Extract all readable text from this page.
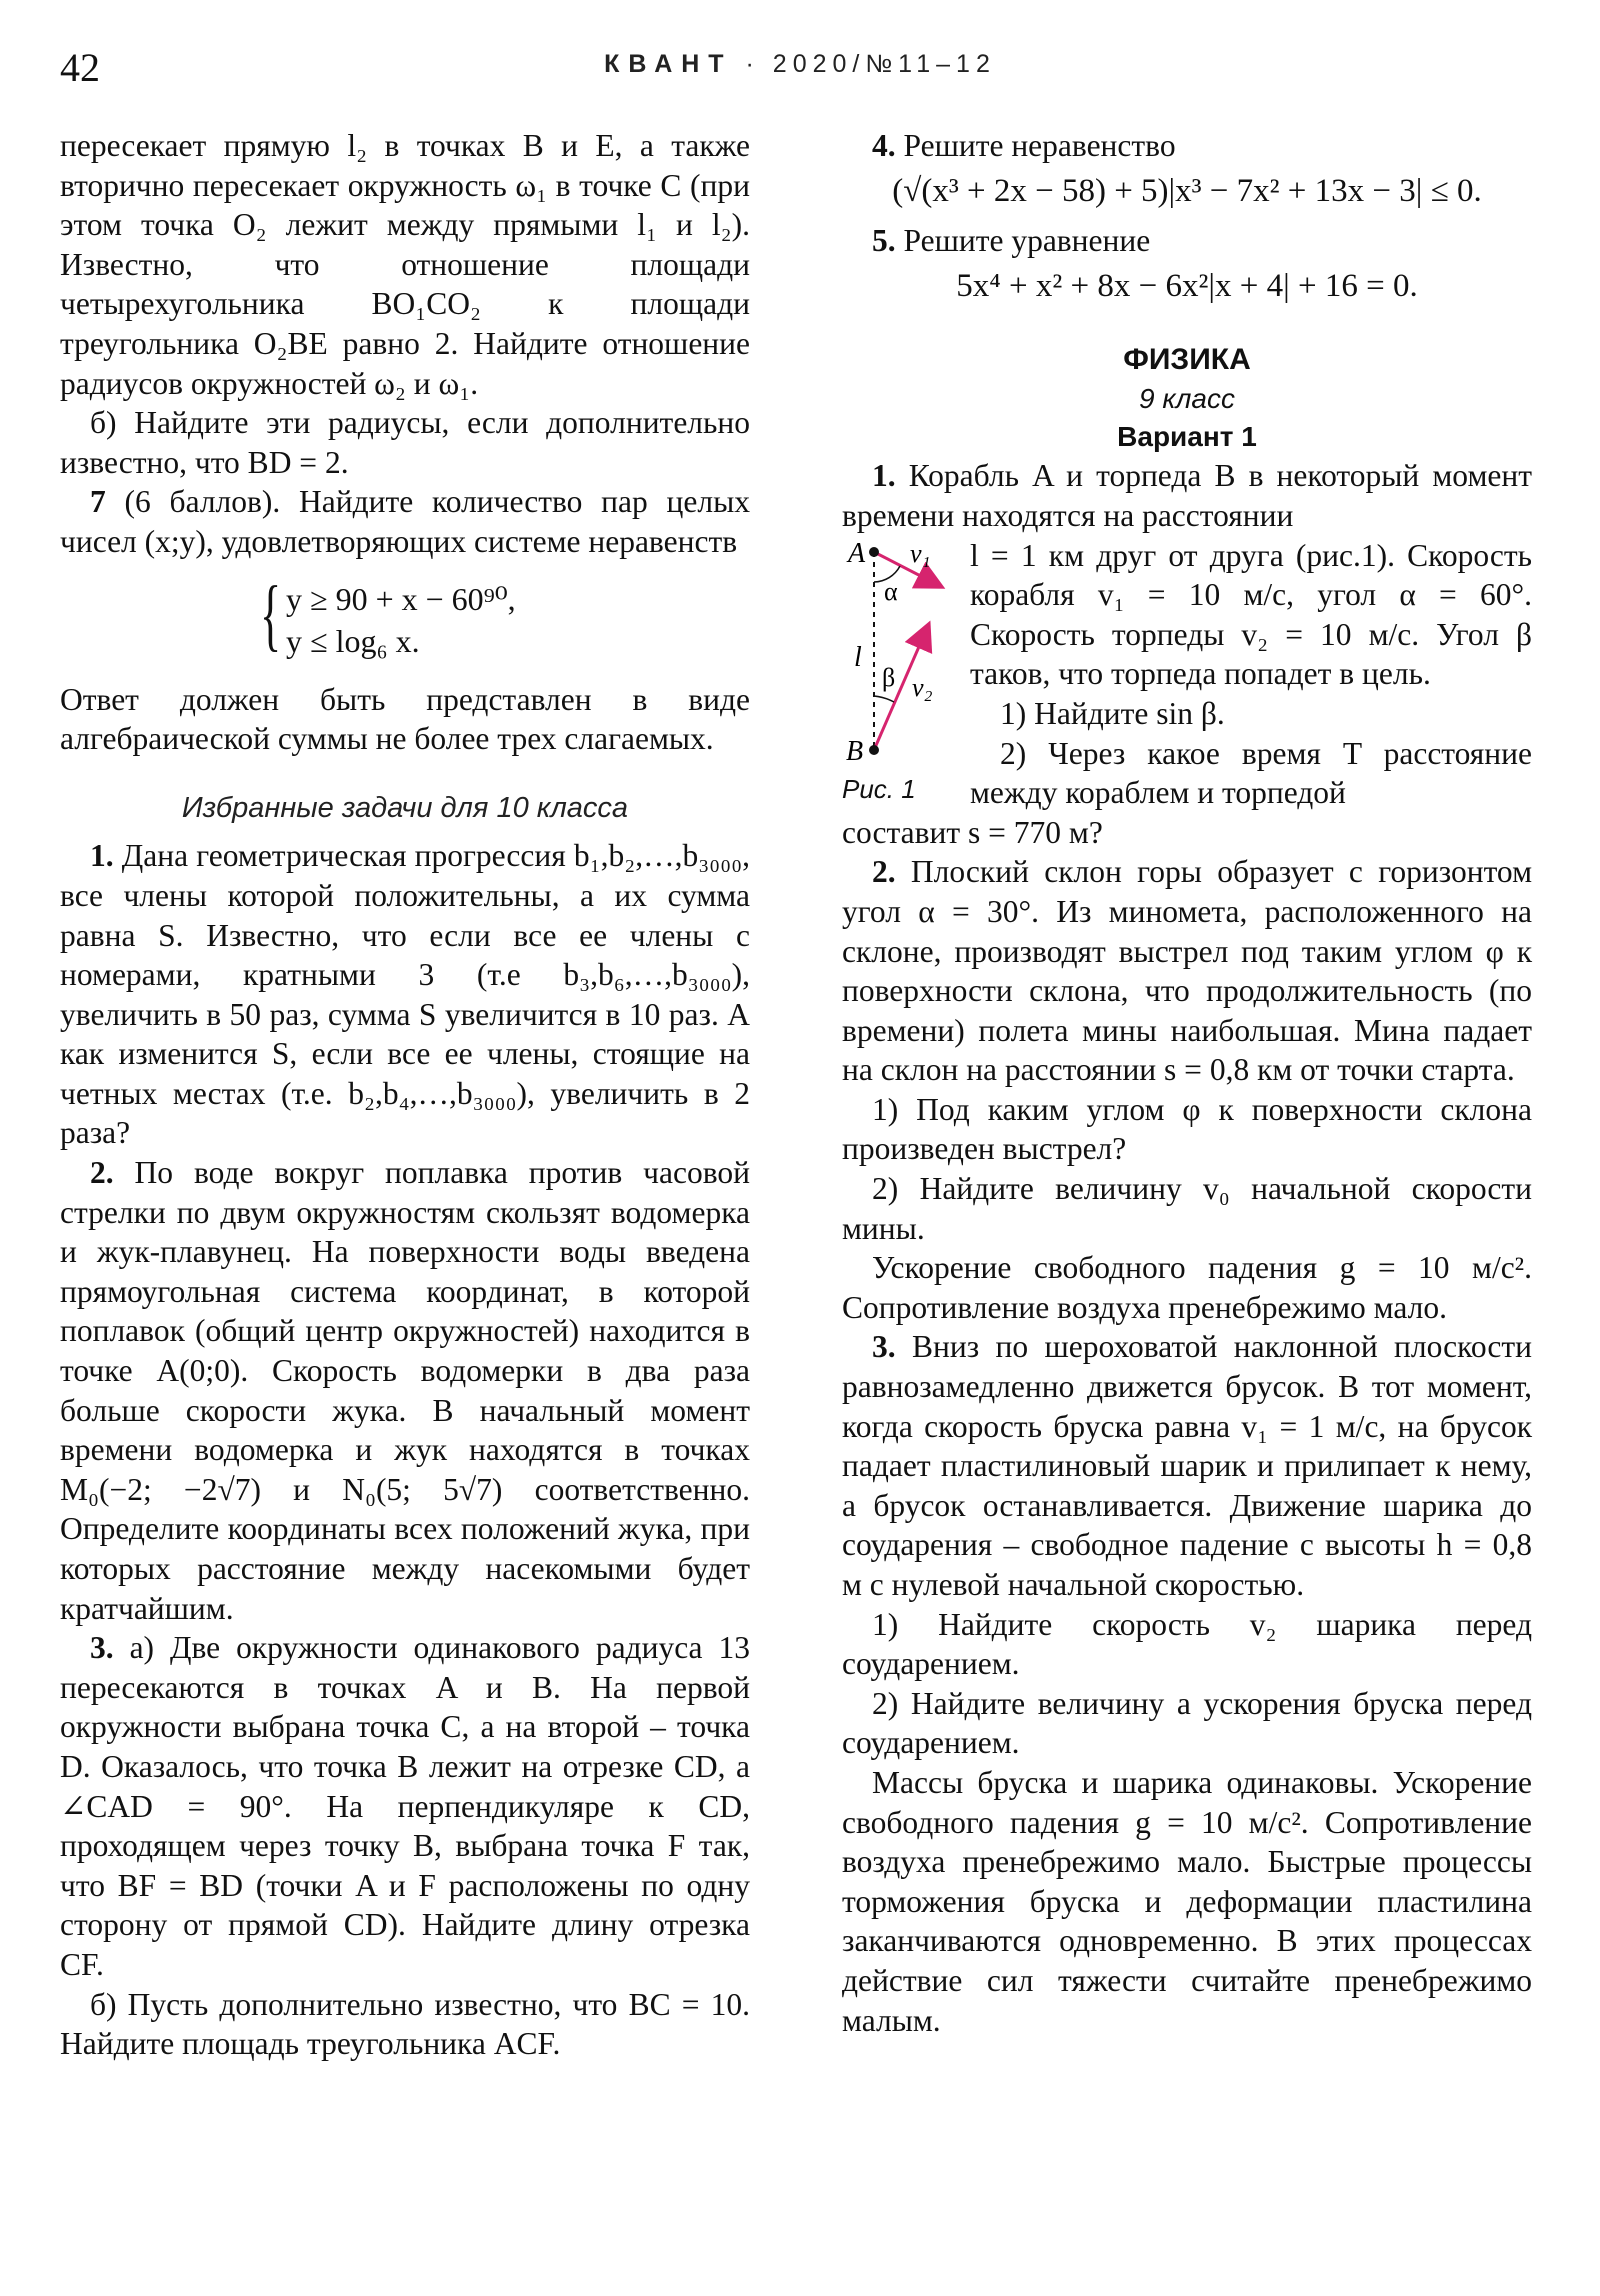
42	КВАНТ · 2020/№11–12

пересекает прямую l₂ в точках B и E, а также вторично пересекает окружность ω₁ в точке C (при этом точка O₂ лежит между прямыми l₁ и l₂). Известно, что отношение площади четырехугольника BO₁CO₂ к площади треугольника O₂BE равно 2. Найдите отношение радиусов окружностей ω₂ и ω₁.

б) Найдите эти радиусы, если дополнительно известно, что BD = 2.

7 (6 баллов). Найдите количество пар целых чисел (x;y), удовлетворяющих системе неравенств

{ y ≥ 90 + x − 60⁹⁰,
y ≤ log₆ x.

Ответ должен быть представлен в виде алгебраической суммы не более трех слагаемых.

Избранные задачи для 10 класса

1. Дана геометрическая прогрессия b₁,b₂,…,b₃₀₀₀, все члены которой положительны, а их сумма равна S. Известно, что если все ее члены с номерами, кратными 3 (т.е b₃,b₆,…,b₃₀₀₀), увеличить в 50 раз, сумма S увеличится в 10 раз. А как изменится S, если все ее члены, стоящие на четных местах (т.е. b₂,b₄,…,b₃₀₀₀), увеличить в 2 раза?

2. По воде вокруг поплавка против часовой стрелки по двум окружностям скользят водомерка и жук-плавунец. На поверхности воды введена прямоугольная система координат, в которой поплавок (общий центр окружностей) находится в точке A(0;0). Скорость водомерки в два раза больше скорости жука. В начальный момент времени водомерка и жук находятся в точках M₀(−2; −2√7) и N₀(5; 5√7) соответственно. Определите координаты всех положений жука, при которых расстояние между насекомыми будет кратчайшим.

3. а) Две окружности одинакового радиуса 13 пересекаются в точках A и B. На первой окружности выбрана точка C, а на второй – точка D. Оказалось, что точка B лежит на отрезке CD, а ∠CAD = 90°. На перпендикуляре к CD, проходящем через точку B, выбрана точка F так, что BF = BD (точки A и F расположены по одну сторону от прямой CD). Найдите длину отрезка CF.

б) Пусть дополнительно известно, что BC = 10. Найдите площадь треугольника ACF.

4. Решите неравенство

(√(x³ + 2x − 58) + 5)|x³ − 7x² + 13x − 3| ≤ 0.

5. Решите уравнение

5x⁴ + x² + 8x − 6x²|x + 4| + 16 = 0.
ФИЗИКА
9 класс
Вариант 1

1. Корабль A и торпеда B в некоторый момент времени находятся на расстоянии

A
B
v₁
v₂
α
β
l
Рис. 1

l = 1 км друг от друга (рис.1). Скорость корабля v₁ = 10 м/с, угол α = 60°. Скорость торпеды v₂ = 10 м/с. Угол β таков, что торпеда попадет в цель.

1) Найдите sin β.

2) Через какое время T расстояние между кораблем и торпедой

составит s = 770 м?

2. Плоский склон горы образует с горизонтом угол α = 30°. Из миномета, расположенного на склоне, производят выстрел под таким углом φ к поверхности склона, что продолжительность (по времени) полета мины наибольшая. Мина падает на склон на расстоянии s = 0,8 км от точки старта.

1) Под каким углом φ к поверхности склона произведен выстрел?

2) Найдите величину v₀ начальной скорости мины.

Ускорение свободного падения g = 10 м/c². Сопротивление воздуха пренебрежимо мало.

3. Вниз по шероховатой наклонной плоскости равнозамедленно движется брусок. В тот момент, когда скорость бруска равна v₁ = 1 м/с, на брусок падает пластилиновый шарик и прилипает к нему, а брусок останавливается. Движение шарика до соударения – свободное падение с высоты h = 0,8 м с нулевой начальной скоростью.

1) Найдите скорость v₂ шарика перед соударением.

2) Найдите величину a ускорения бруска перед соударением.

Массы бруска и шарика одинаковы. Ускорение свободного падения g = 10 м/c². Сопротивление воздуха пренебрежимо мало. Быстрые процессы торможения бруска и деформации пластилина заканчиваются одновременно. В этих процессах действие сил тяжести считайте пренебрежимо малым.
